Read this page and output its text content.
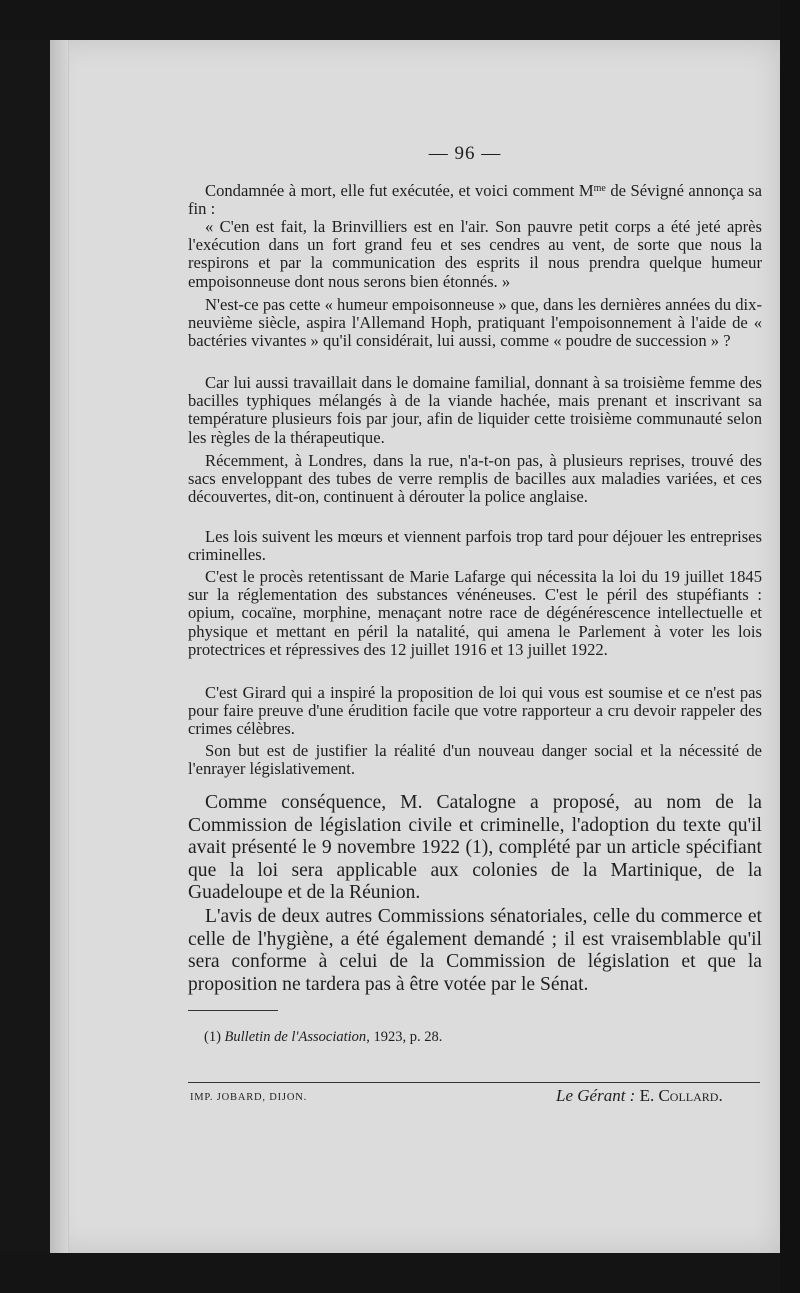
— 96 —

Condamnée à mort, elle fut exécutée, et voici comment $M^{me}$ de Sévigné annonça sa fin :

« C'en est fait, la Brinvilliers est en l'air. Son pauvre petit corps a été jeté après l'exécution dans un fort grand feu et ses cendres au vent, de sorte que nous la respirons et par la communication des esprits il nous prendra quelque humeur empoisonneuse dont nous serons bien étonnés. »

N'est-ce pas cette « humeur empoisonneuse » que, dans les dernières années du dix-neuvième siècle, aspira l'Allemand Hoph, pratiquant l'empoisonnement à l'aide de « bactéries vivantes » qu'il considérait, lui aussi, comme « poudre de succession » ?

Car lui aussi travaillait dans le domaine familial, donnant à sa troisième femme des bacilles typhiques mélangés à de la viande hachée, mais prenant et inscrivant sa température plusieurs fois par jour, afin de liquider cette troisième communauté selon les règles de la thérapeutique.

Récemment, à Londres, dans la rue, n'a-t-on pas, à plusieurs reprises, trouvé des sacs enveloppant des tubes de verre remplis de bacilles aux maladies variées, et ces découvertes, dit-on, continuent à dérouter la police anglaise.

Les lois suivent les mœurs et viennent parfois trop tard pour déjouer les entreprises criminelles.

C'est le procès retentissant de Marie Lafarge qui nécessita la loi du 19 juillet 1845 sur la réglementation des substances vénéneuses. C'est le péril des stupéfiants : opium, cocaïne, morphine, menaçant notre race de dégénérescence intellectuelle et physique et mettant en péril la natalité, qui amena le Parlement à voter les lois protectrices et répressives des 12 juillet 1916 et 13 juillet 1922.

C'est Girard qui a inspiré la proposition de loi qui vous est soumise et ce n'est pas pour faire preuve d'une érudition facile que votre rapporteur a cru devoir rappeler des crimes célèbres.

Son but est de justifier la réalité d'un nouveau danger social et la nécessité de l'enrayer législativement.

Comme conséquence, M. Catalogne a proposé, au nom de la Commission de législation civile et criminelle, l'adoption du texte qu'il avait présenté le 9 novembre 1922 (1), complété par un article spécifiant que la loi sera applicable aux colonies de la Martinique, de la Guadeloupe et de la Réunion.

L'avis de deux autres Commissions sénatoriales, celle du commerce et celle de l'hygiène, a été également demandé ; il est vraisemblable qu'il sera conforme à celui de la Commission de législation et que la proposition ne tardera pas à être votée par le Sénat.

(1) Bulletin de l'Association, 1923, p. 28.

IMP. JOBARD, DIJON.	Le Gérant : E. Collard.
